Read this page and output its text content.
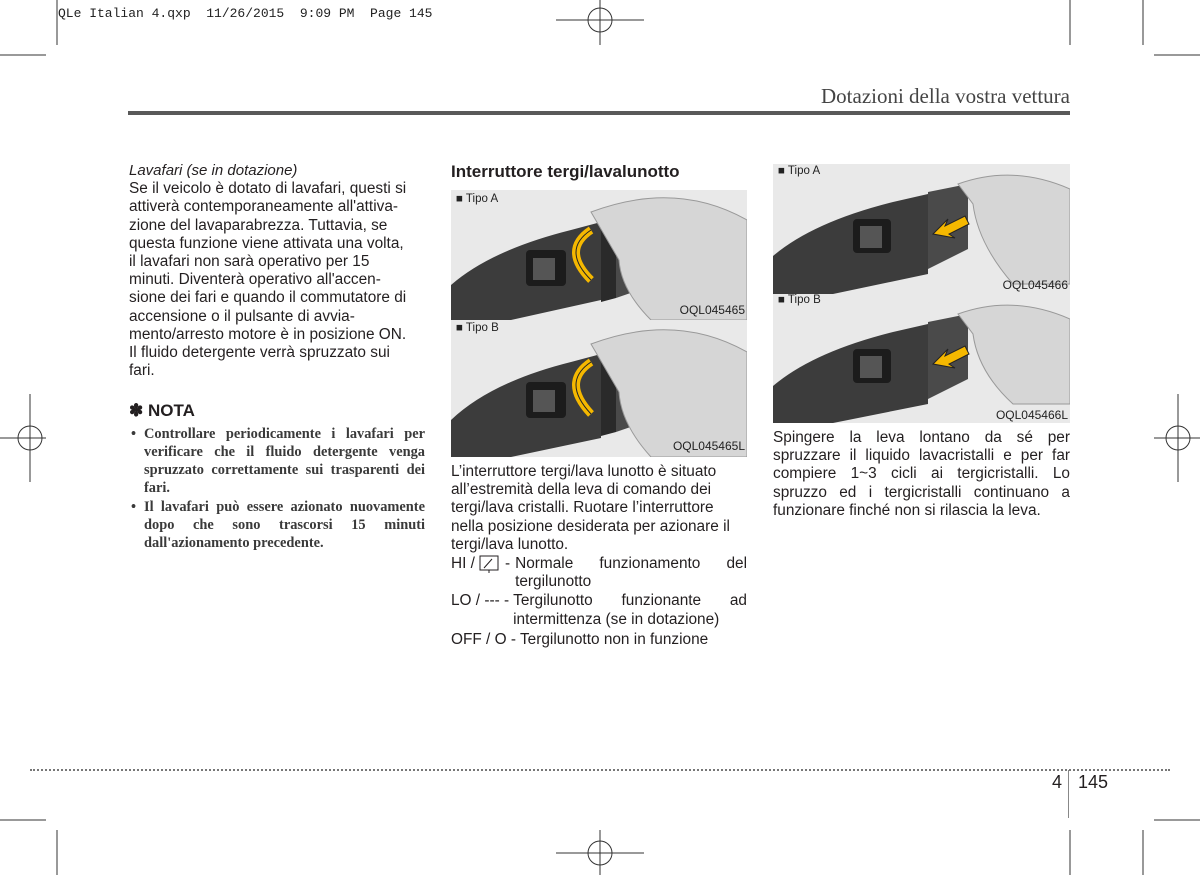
QLe Italian 4.qxp  11/26/2015  9:09 PM  Page 145
Dotazioni della vostra vettura
Lavafari (se in dotazione)
Se il veicolo è dotato di lavafari, questi si
attiverà contemporaneamente all'attiva-
zione del lavaparabrezza. Tuttavia, se
questa funzione viene attivata una volta,
il lavafari non sarà operativo per 15
minuti. Diventerà operativo all'accen-
sione dei fari e quando il commutatore di
accensione o il pulsante di avvia-
mento/arresto motore è in posizione ON.
Il fluido detergente verrà spruzzato sui
fari.
✽ NOTA
• Controllare periodicamente i lavafari per verificare che il fluido detergente venga spruzzato correttamente sui trasparenti dei fari.
• Il lavafari può essere azionato nuovamente dopo che sono trascorsi 15 minuti dall'azionamento precedente.
Interruttore tergi/lavalunotto
■ Tipo A
OQL045465
■ Tipo B
OQL045465L
L’interruttore tergi/lava lunotto è situato
all’estremità della leva di comando dei
tergi/lava cristalli. Ruotare l’interruttore
nella posizione desiderata per azionare il
tergi/lava lunotto.
HI / - Normale funzionamento del
tergilunotto
LO / --- - Tergilunotto funzionante ad
intermittenza (se in dotazione)
OFF / O - Tergilunotto non in funzione
■ Tipo A
OQL045466
■ Tipo B
OQL045466L
Spingere la leva lontano da sé per
spruzzare il liquido lavacristalli e per far
compiere 1~3 cicli ai tergicristalli. Lo
spruzzo ed i tergicristalli continuano a
funzionare finché non si rilascia la leva.
4 145
